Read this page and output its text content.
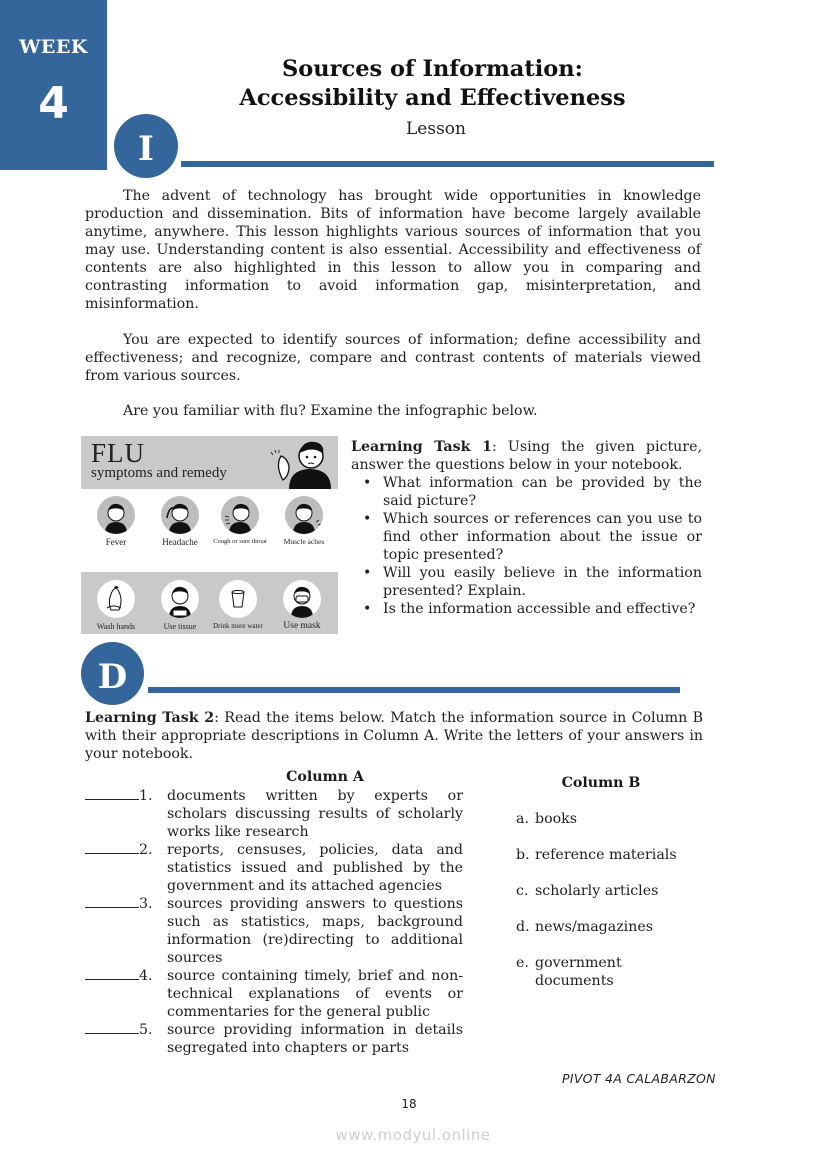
WEEK
4
Sources of Information:
Accessibility and Effectiveness
Lesson
I
The advent of technology has brought wide opportunities in knowledge production and dissemination. Bits of information have become largely available anytime, anywhere. This lesson highlights various sources of information that you may use. Understanding content is also essential. Accessibility and effectiveness of contents are also highlighted in this lesson to allow you in comparing and contrasting information to avoid information gap, misinterpretation, and misinformation.
You are expected to identify sources of information; define accessibility and effectiveness; and recognize, compare and contrast contents of materials viewed from various sources.
Are you familiar with flu? Examine the infographic below.
FLU
symptoms and remedy
Fever	Headache	Cough or sore throat	Muscle aches
Wash hands	Use tissue	Drink more water	Use mask
Learning Task 1: Using the given picture, answer the questions below in your notebook.
• What information can be provided by the said picture?
• Which sources or references can you use to find other information about the issue or topic presented?
• Will you easily believe in the information presented? Explain.
• Is the information accessible and effective?
D
Learning Task 2: Read the items below. Match the information source in Column B with their appropriate descriptions in Column A. Write the letters of your answers in your notebook.
Column A
1. documents written by experts or scholars discussing results of scholarly works like research
2. reports, censuses, policies, data and statistics issued and published by the government and its attached agencies
3. sources providing answers to questions such as statistics, maps, background information (re)directing to additional sources
4. source containing timely, brief and non-technical explanations of events or commentaries for the general public
5. source providing information in details segregated into chapters or parts
Column B
a. books
b. reference materials
c. scholarly articles
d. news/magazines
e. government documents
PIVOT 4A CALABARZON
18
www.modyul.online
